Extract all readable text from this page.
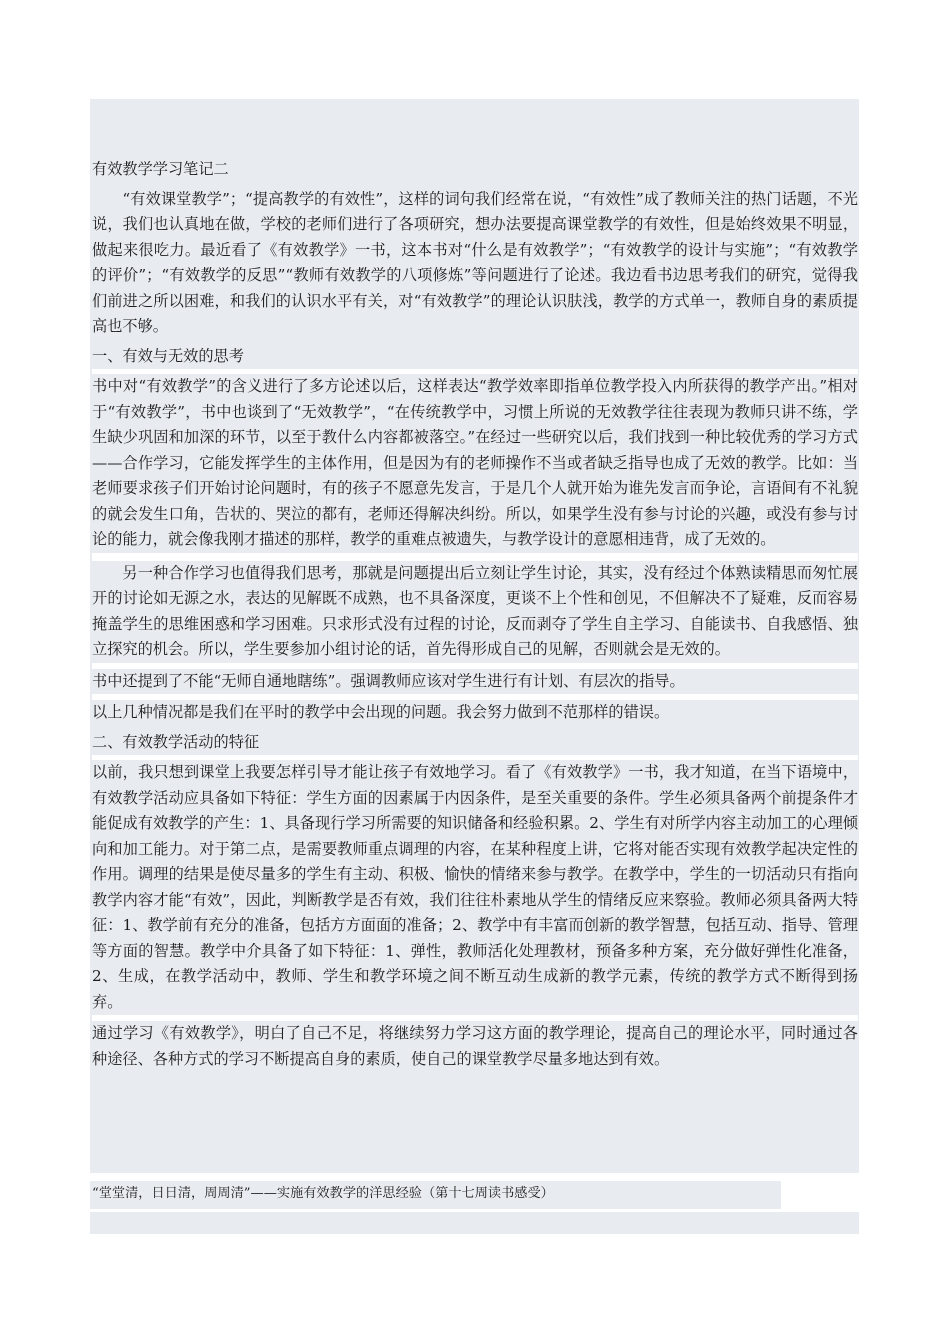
有效教学学习笔记二

“有效课堂教学”；“提高教学的有效性”，这样的词句我们经常在说，“有效性”成了教师关注的热门话题，不光说，我们也认真地在做，学校的老师们进行了各项研究，想办法要提高课堂教学的有效性，但是始终效果不明显，做起来很吃力。最近看了《有效教学》一书，这本书对“什么是有效教学”；“有效教学的设计与实施”；“有效教学的评价”；“有效教学的反思”“教师有效教学的八项修炼”等问题进行了论述。我边看书边思考我们的研究，觉得我们前进之所以困难，和我们的认识水平有关，对“有效教学”的理论认识肤浅，教学的方式单一，教师自身的素质提高也不够。

一、有效与无效的思考

书中对“有效教学”的含义进行了多方论述以后，这样表达“教学效率即指单位教学投入内所获得的教学产出。”相对于“有效教学”，书中也谈到了“无效教学”，“在传统教学中，习惯上所说的无效教学往往表现为教师只讲不练，学生缺少巩固和加深的环节，以至于教什么内容都被落空。”在经过一些研究以后，我们找到一种比较优秀的学习方式——合作学习，它能发挥学生的主体作用，但是因为有的老师操作不当或者缺乏指导也成了无效的教学。比如：当老师要求孩子们开始讨论问题时，有的孩子不愿意先发言，于是几个人就开始为谁先发言而争论，言语间有不礼貌的就会发生口角，告状的、哭泣的都有，老师还得解决纠纷。所以，如果学生没有参与讨论的兴趣，或没有参与讨论的能力，就会像我刚才描述的那样，教学的重难点被遗失，与教学设计的意愿相违背，成了无效的。

另一种合作学习也值得我们思考，那就是问题提出后立刻让学生讨论，其实，没有经过个体熟读精思而匆忙展开的讨论如无源之水，表达的见解既不成熟，也不具备深度，更谈不上个性和创见，不但解决不了疑难，反而容易掩盖学生的思维困惑和学习困难。只求形式没有过程的讨论，反而剥夺了学生自主学习、自能读书、自我感悟、独立探究的机会。所以，学生要参加小组讨论的话，首先得形成自己的见解，否则就会是无效的。

书中还提到了不能“无师自通地瞎练”。强调教师应该对学生进行有计划、有层次的指导。

以上几种情况都是我们在平时的教学中会出现的问题。我会努力做到不范那样的错误。

二、有效教学活动的特征

以前，我只想到课堂上我要怎样引导才能让孩子有效地学习。看了《有效教学》一书，我才知道，在当下语境中，有效教学活动应具备如下特征：学生方面的因素属于内因条件，是至关重要的条件。学生必须具备两个前提条件才能促成有效教学的产生：1、具备现行学习所需要的知识储备和经验积累。2、学生有对所学内容主动加工的心理倾向和加工能力。对于第二点，是需要教师重点调理的内容，在某种程度上讲，它将对能否实现有效教学起决定性的作用。调理的结果是使尽量多的学生有主动、积极、愉快的情绪来参与教学。在教学中，学生的一切活动只有指向教学内容才能“有效”，因此，判断教学是否有效，我们往往朴素地从学生的情绪反应来察验。教师必须具备两大特征：1、教学前有充分的准备，包括方方面面的准备；2、教学中有丰富而创新的教学智慧，包括互动、指导、管理等方面的智慧。教学中介具备了如下特征：1、弹性，教师活化处理教材，预备多种方案，充分做好弹性化准备，2、生成，在教学活动中，教师、学生和教学环境之间不断互动生成新的教学元素，传统的教学方式不断得到扬弃。

通过学习《有效教学》，明白了自己不足，将继续努力学习这方面的教学理论，提高自己的理论水平，同时通过各种途径、各种方式的学习不断提高自身的素质，使自己的课堂教学尽量多地达到有效。

“堂堂清，日日清，周周清”——实施有效教学的洋思经验（第十七周读书感受）
